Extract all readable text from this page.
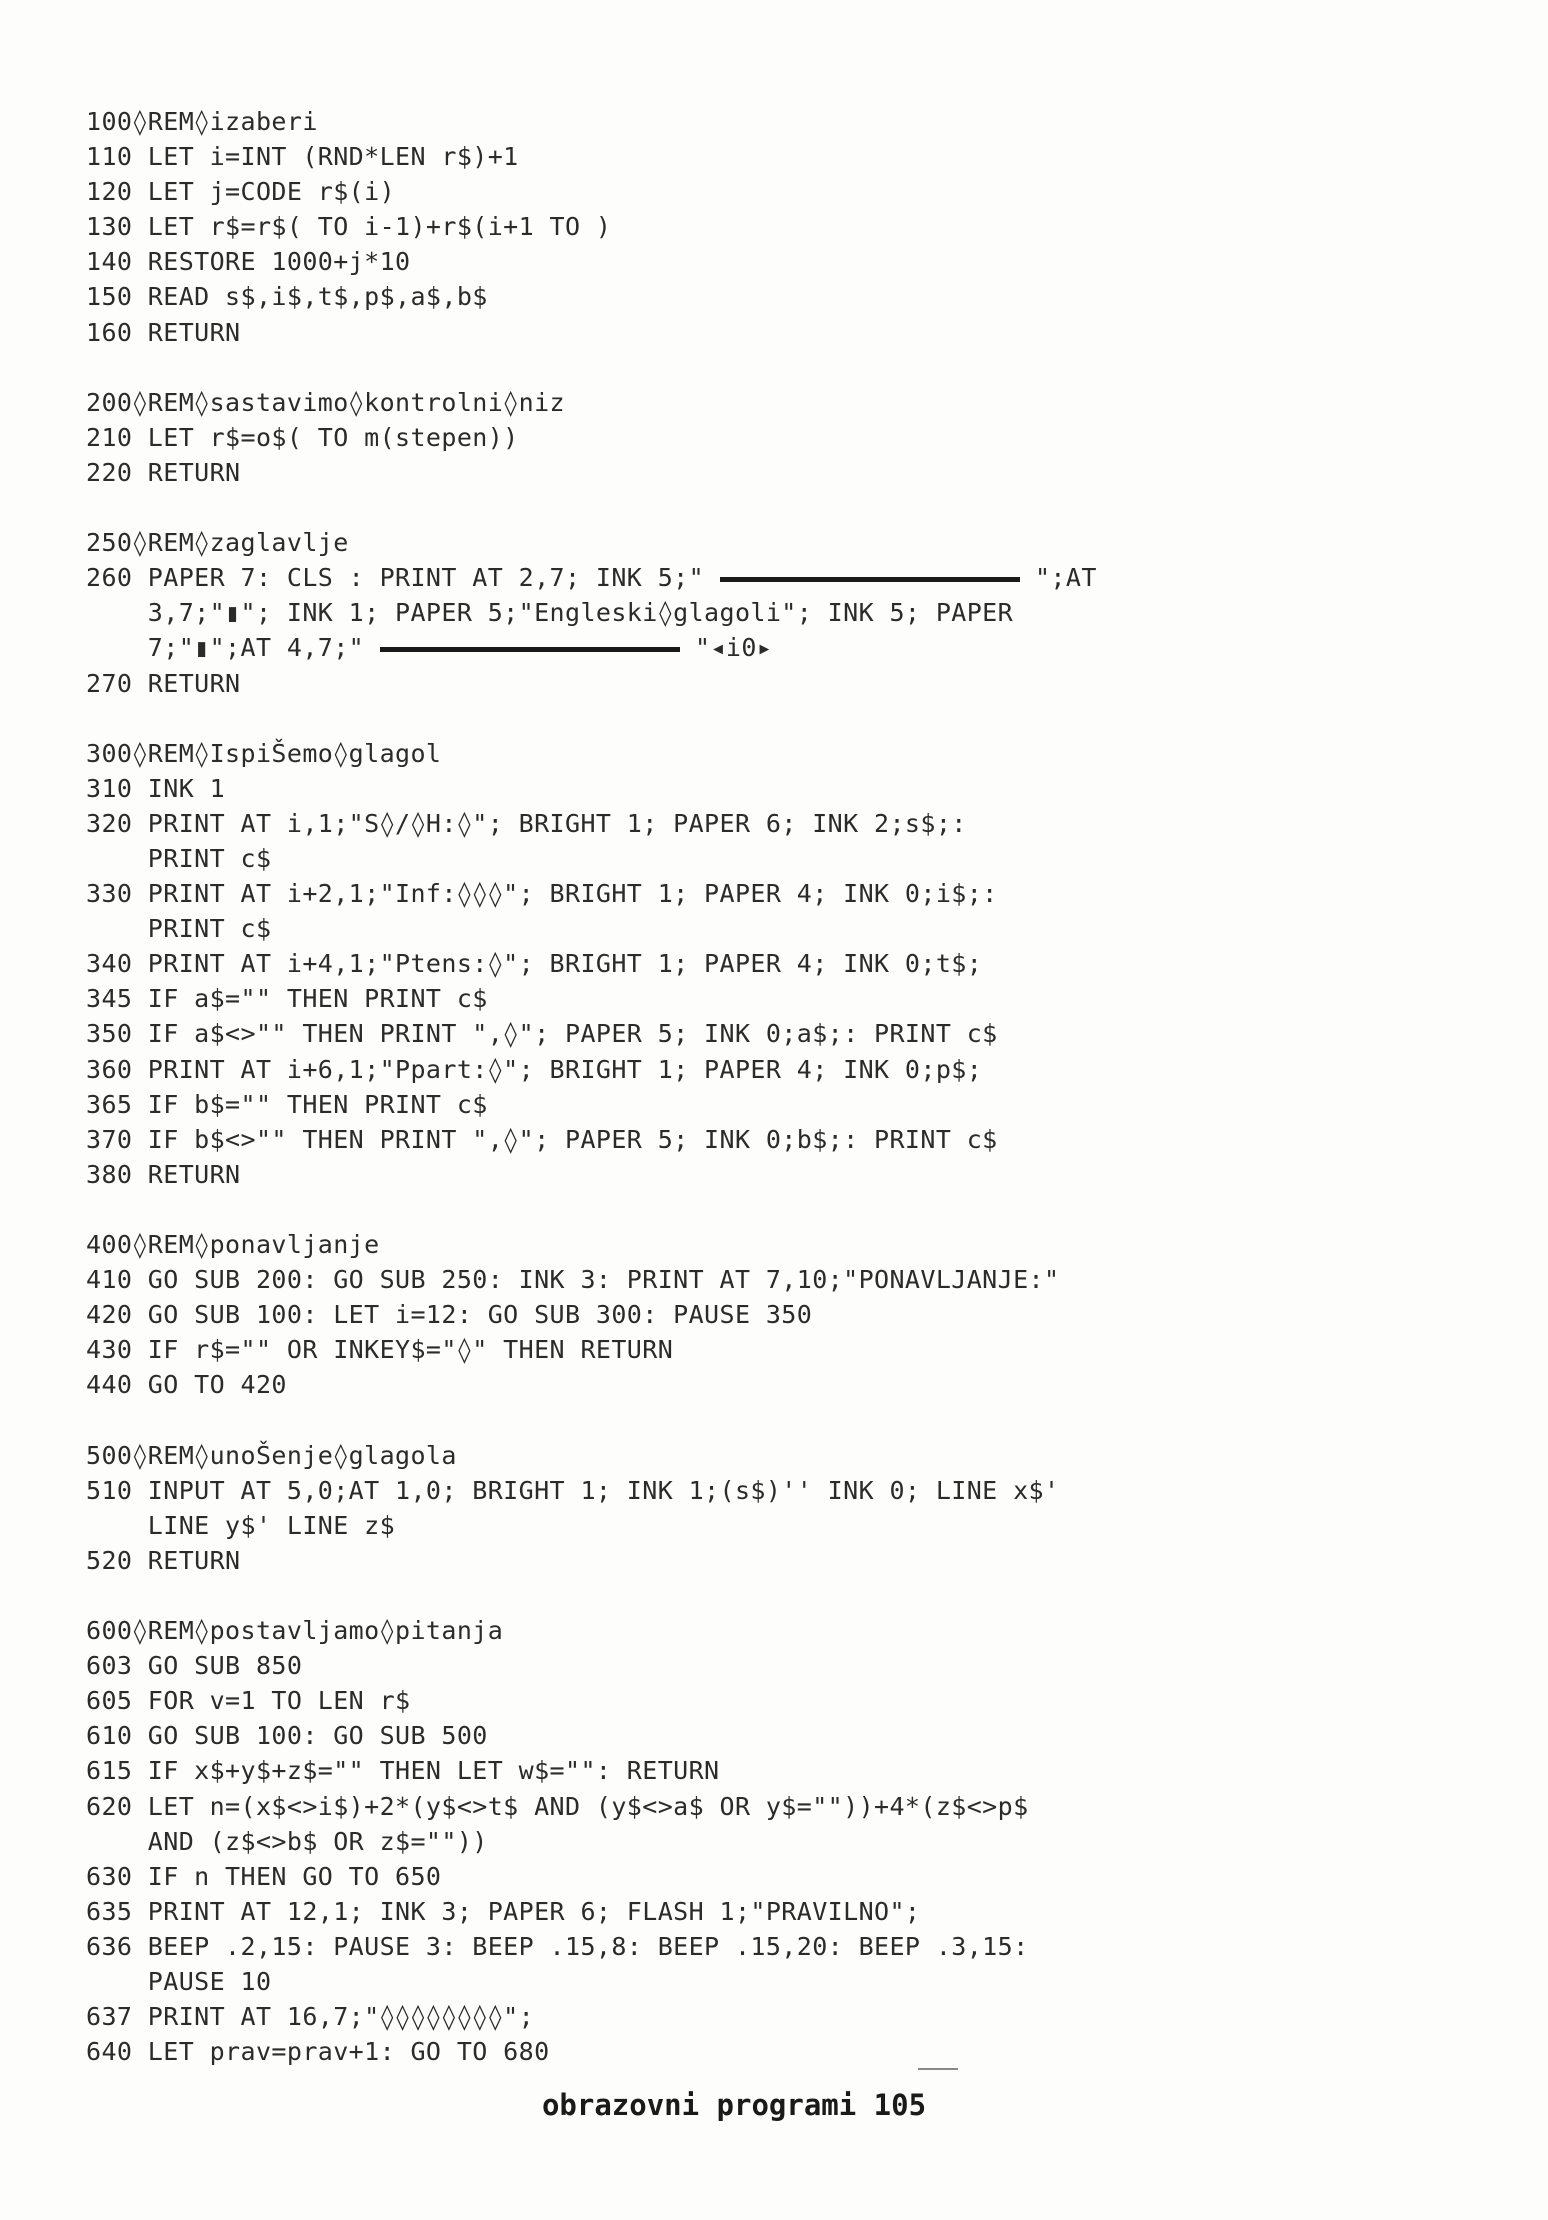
100◊REM◊izaberi
110 LET i=INT (RND*LEN r$)+1
120 LET j=CODE r$(i)
130 LET r$=r$( TO i-1)+r$(i+1 TO )
140 RESTORE 1000+j*10
150 READ s$,i$,t$,p$,a$,b$
160 RETURN
200◊REM◊sastavimo◊kontrolni◊niz
210 LET r$=o$( TO m(stepen))
220 RETURN
250◊REM◊zaglavlje
260 PAPER 7: CLS : PRINT AT 2,7; INK 5;"	";AT
3,7;"▮"; INK 1; PAPER 5;"Engleski◊glagoli"; INK 5; PAPER
7;"▮";AT 4,7;"	"◂i0▸
270 RETURN
300◊REM◊IspiŠemo◊glagol
310 INK 1
320 PRINT AT i,1;"S◊/◊H:◊"; BRIGHT 1; PAPER 6; INK 2;s$;:
PRINT c$
330 PRINT AT i+2,1;"Inf:◊◊◊"; BRIGHT 1; PAPER 4; INK 0;i$;:
PRINT c$
340 PRINT AT i+4,1;"Ptens:◊"; BRIGHT 1; PAPER 4; INK 0;t$;
345 IF a$="" THEN PRINT c$
350 IF a$<>"" THEN PRINT ",◊"; PAPER 5; INK 0;a$;: PRINT c$
360 PRINT AT i+6,1;"Ppart:◊"; BRIGHT 1; PAPER 4; INK 0;p$;
365 IF b$="" THEN PRINT c$
370 IF b$<>"" THEN PRINT ",◊"; PAPER 5; INK 0;b$;: PRINT c$
380 RETURN
400◊REM◊ponavljanje
410 GO SUB 200: GO SUB 250: INK 3: PRINT AT 7,10;"PONAVLJANJE:"
420 GO SUB 100: LET i=12: GO SUB 300: PAUSE 350
430 IF r$="" OR INKEY$="◊" THEN RETURN
440 GO TO 420
500◊REM◊unoŠenje◊glagola
510 INPUT AT 5,0;AT 1,0; BRIGHT 1; INK 1;(s$)'' INK 0; LINE x$'
LINE y$' LINE z$
520 RETURN
600◊REM◊postavljamo◊pitanja
603 GO SUB 850
605 FOR v=1 TO LEN r$
610 GO SUB 100: GO SUB 500
615 IF x$+y$+z$="" THEN LET w$="": RETURN
620 LET n=(x$<>i$)+2*(y$<>t$ AND (y$<>a$ OR y$=""))+4*(z$<>p$
AND (z$<>b$ OR z$=""))
630 IF n THEN GO TO 650
635 PRINT AT 12,1; INK 3; PAPER 6; FLASH 1;"PRAVILNO";
636 BEEP .2,15: PAUSE 3: BEEP .15,8: BEEP .15,20: BEEP .3,15:
PAUSE 10
637 PRINT AT 16,7;"◊◊◊◊◊◊◊◊";
640 LET prav=prav+1: GO TO 680
obrazovni programi 105
